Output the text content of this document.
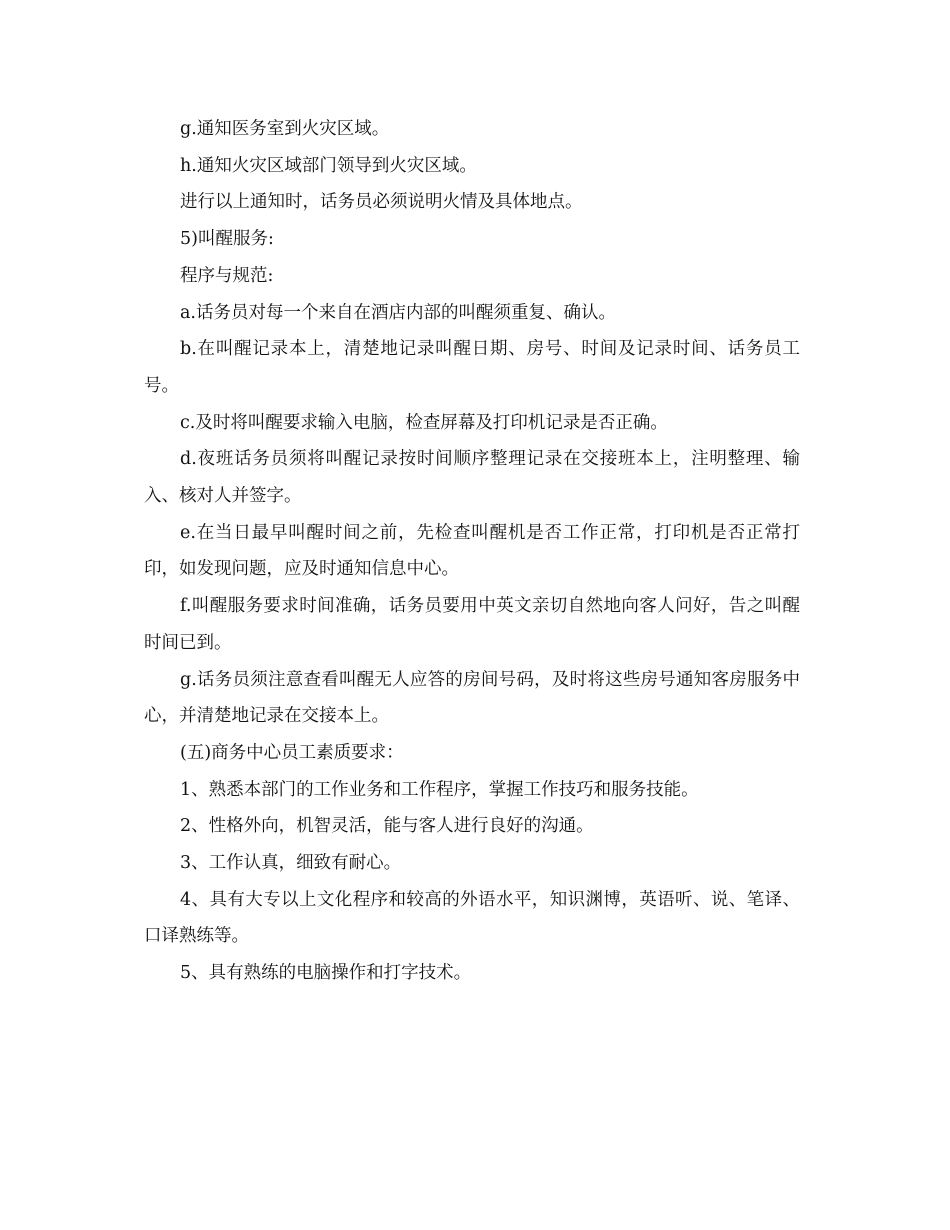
g.通知医务室到火灾区域。

h.通知火灾区域部门领导到火灾区域。

进行以上通知时，话务员必须说明火情及具体地点。

5)叫醒服务:

程序与规范:

a.话务员对每一个来自在酒店内部的叫醒须重复、确认。

b.在叫醒记录本上，清楚地记录叫醒日期、房号、时间及记录时间、话务员工号。

c.及时将叫醒要求输入电脑，检查屏幕及打印机记录是否正确。

d.夜班话务员须将叫醒记录按时间顺序整理记录在交接班本上，注明整理、输入、核对人并签字。

e.在当日最早叫醒时间之前，先检查叫醒机是否工作正常，打印机是否正常打印，如发现问题，应及时通知信息中心。

f.叫醒服务要求时间准确，话务员要用中英文亲切自然地向客人问好，告之叫醒时间已到。

g.话务员须注意查看叫醒无人应答的房间号码，及时将这些房号通知客房服务中心，并清楚地记录在交接本上。

(五)商务中心员工素质要求：

1、熟悉本部门的工作业务和工作程序，掌握工作技巧和服务技能。

2、性格外向，机智灵活，能与客人进行良好的沟通。

3、工作认真，细致有耐心。

4、具有大专以上文化程序和较高的外语水平，知识渊博，英语听、说、笔译、口译熟练等。

5、具有熟练的电脑操作和打字技术。
